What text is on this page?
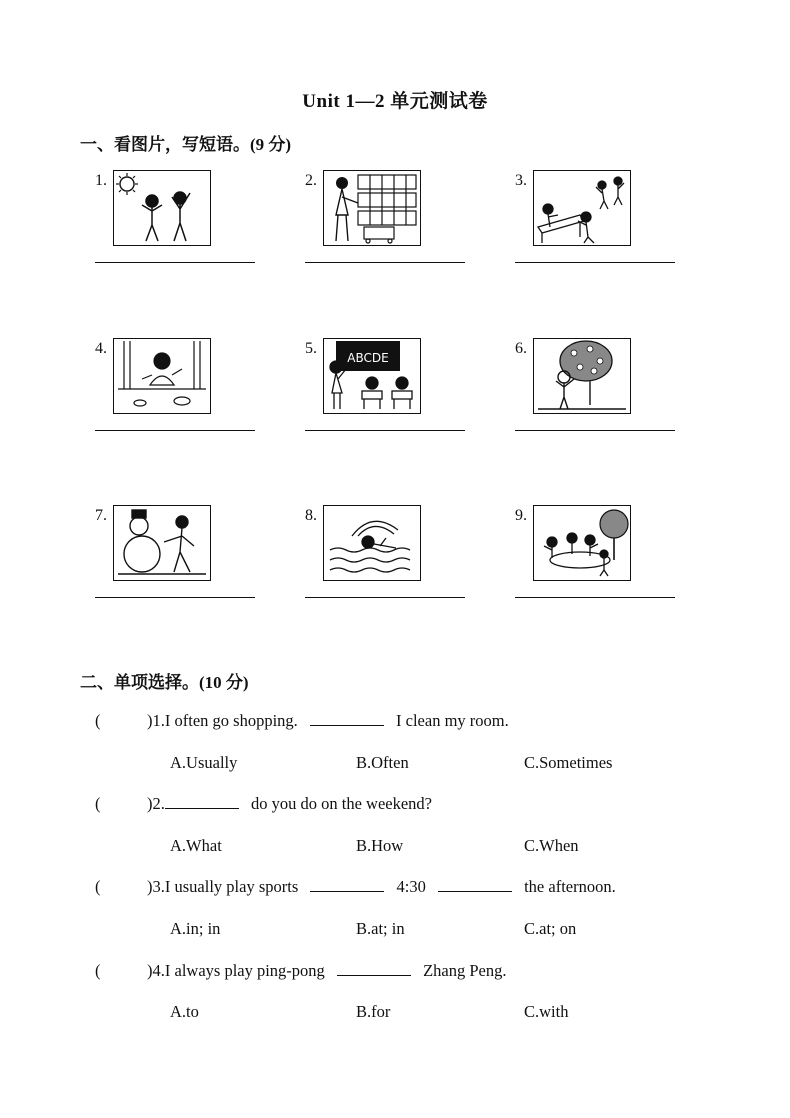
Unit 1—2 单元测试卷
一、看图片，写短语。(9 分)
1.	2.	3.
4.	5.
ABCDE
6.
7.	8.	9.
二、单项选择。(10 分)
(	)1.I often go shopping.	I clean my room.
A.Usually	B.Often	C.Sometimes
(	)2.	do you do on the weekend?
A.What	B.How	C.When
(	)3.I usually play sports	4:30	the afternoon.
A.in; in	B.at; in	C.at; on
(	)4.I always play ping-pong	Zhang Peng.
A.to	B.for	C.with
